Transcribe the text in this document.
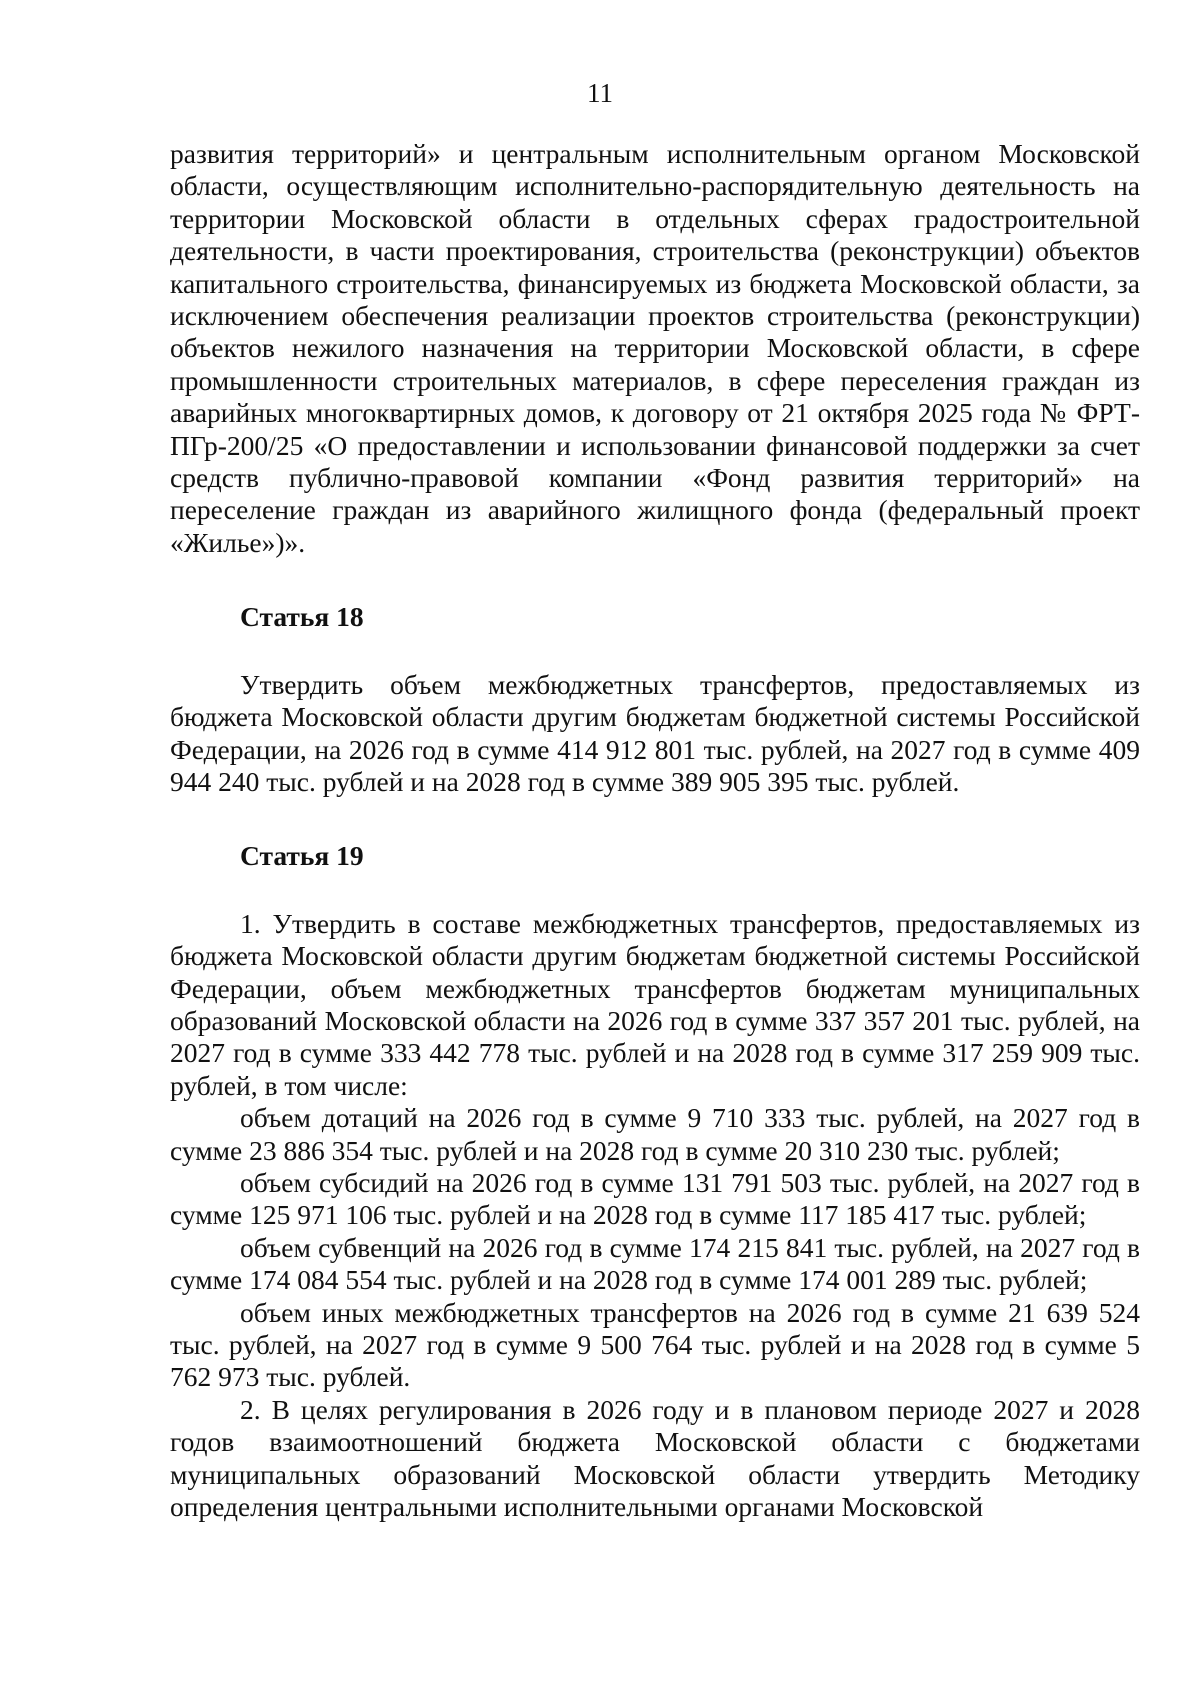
11

развития территорий» и центральным исполнительным органом Московской области, осуществляющим исполнительно-распорядительную деятельность на территории Московской области в отдельных сферах градостроительной деятельности, в части проектирования, строительства (реконструкции) объектов капитального строительства, финансируемых из бюджета Московской области, за исключением обеспечения реализации проектов строительства (реконструкции) объектов нежилого назначения на территории Московской области, в сфере промышленности строительных материалов, в сфере переселения граждан из аварийных многоквартирных домов, к договору от 21 октября 2025 года № ФРТ-ПГр-200/25 «О предоставлении и использовании финансовой поддержки за счет средств публично-правовой компании «Фонд развития территорий» на переселение граждан из аварийного жилищного фонда (федеральный проект «Жилье»)».

Статья 18

Утвердить объем межбюджетных трансфертов, предоставляемых из бюджета Московской области другим бюджетам бюджетной системы Российской Федерации, на 2026 год в сумме 414 912 801 тыс. рублей, на 2027 год в сумме 409 944 240 тыс. рублей и на 2028 год в сумме 389 905 395 тыс. рублей.

Статья 19

1. Утвердить в составе межбюджетных трансфертов, предоставляемых из бюджета Московской области другим бюджетам бюджетной системы Российской Федерации, объем межбюджетных трансфертов бюджетам муниципальных образований Московской области на 2026 год в сумме 337 357 201 тыс. рублей, на 2027 год в сумме 333 442 778 тыс. рублей и на 2028 год в сумме 317 259 909 тыс. рублей, в том числе:

объем дотаций на 2026 год в сумме 9 710 333 тыс. рублей, на 2027 год в сумме 23 886 354 тыс. рублей и на 2028 год в сумме 20 310 230 тыс. рублей;

объем субсидий на 2026 год в сумме 131 791 503 тыс. рублей, на 2027 год в сумме 125 971 106 тыс. рублей и на 2028 год в сумме 117 185 417 тыс. рублей;

объем субвенций на 2026 год в сумме 174 215 841 тыс. рублей, на 2027 год в сумме 174 084 554 тыс. рублей и на 2028 год в сумме 174 001 289 тыс. рублей;

объем иных межбюджетных трансфертов на 2026 год в сумме 21 639 524 тыс. рублей, на 2027 год в сумме 9 500 764 тыс. рублей и на 2028 год в сумме 5 762 973 тыс. рублей.

2. В целях регулирования в 2026 году и в плановом периоде 2027 и 2028 годов взаимоотношений бюджета Московской области с бюджетами муниципальных образований Московской области утвердить Методику определения центральными исполнительными органами Московской
